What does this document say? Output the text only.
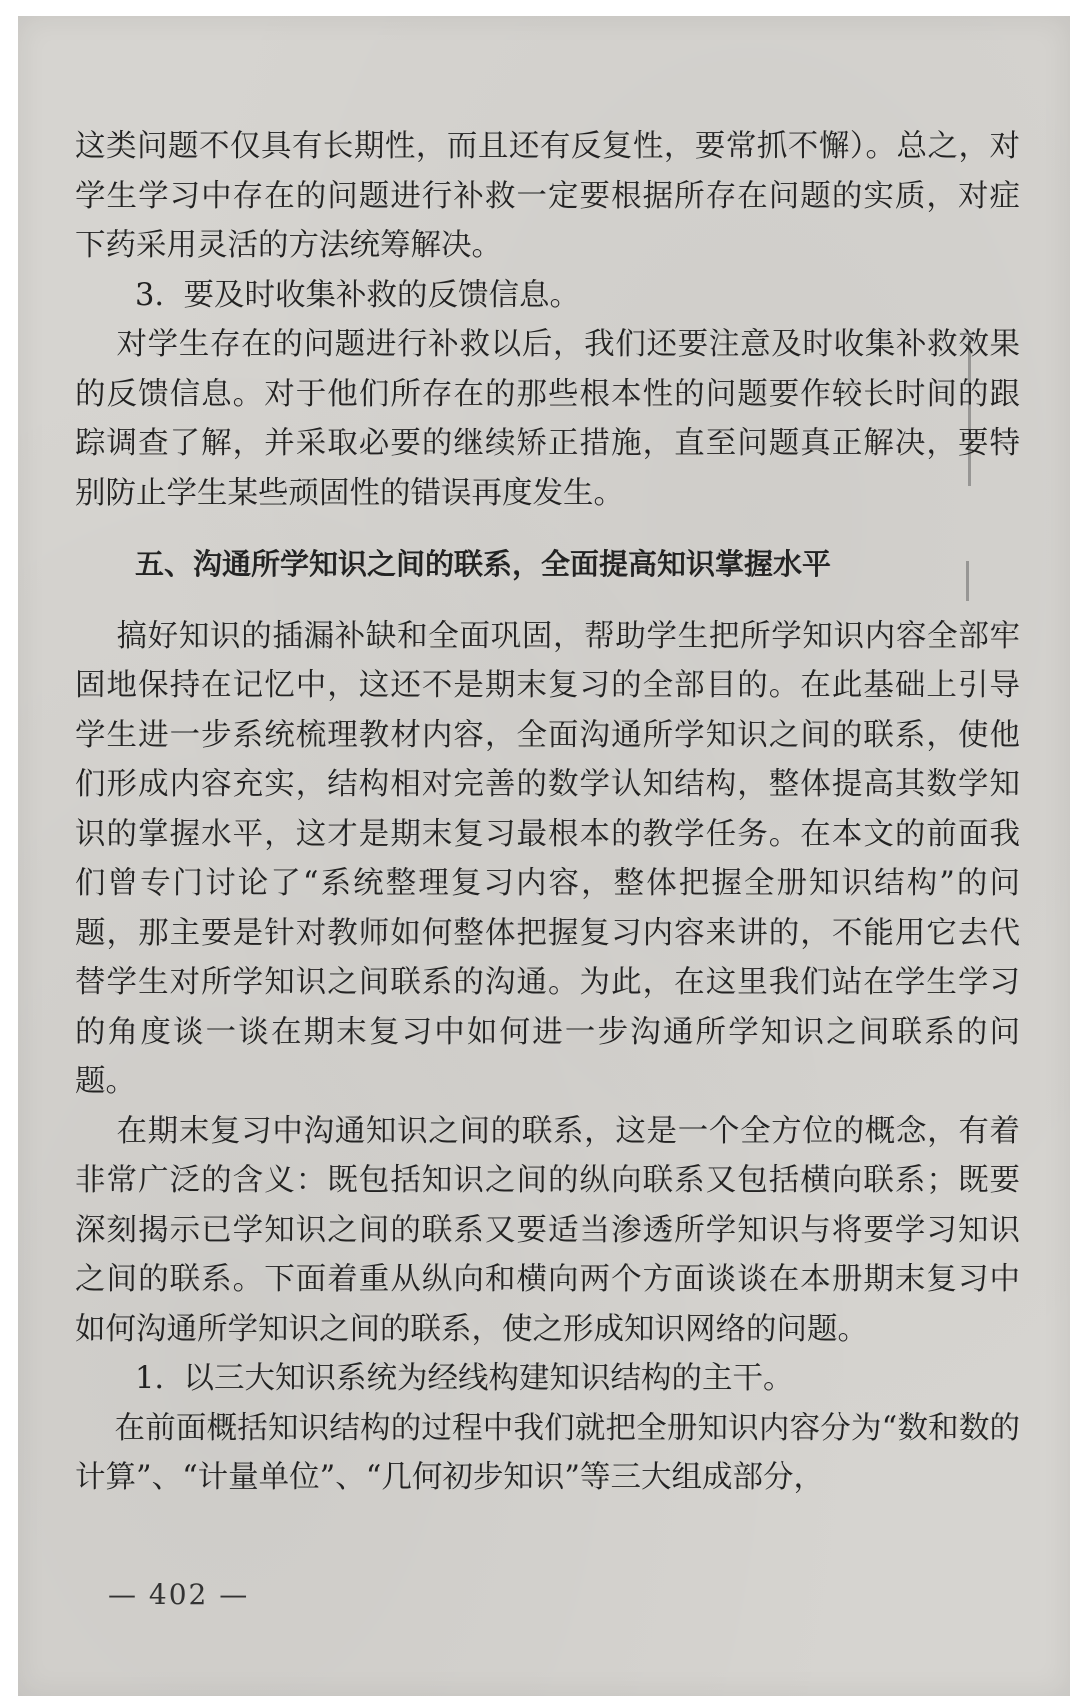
这类问题不仅具有长期性，而且还有反复性，要常抓不懈）。总之，对学生学习中存在的问题进行补救一定要根据所存在问题的实质，对症下药采用灵活的方法统筹解决。

3.  要及时收集补救的反馈信息。

对学生存在的问题进行补救以后，我们还要注意及时收集补救效果的反馈信息。对于他们所存在的那些根本性的问题要作较长时间的跟踪调查了解，并采取必要的继续矫正措施，直至问题真正解决，要特别防止学生某些顽固性的错误再度发生。

五、沟通所学知识之间的联系，全面提高知识掌握水平

搞好知识的插漏补缺和全面巩固，帮助学生把所学知识内容全部牢固地保持在记忆中，这还不是期末复习的全部目的。在此基础上引导学生进一步系统梳理教材内容，全面沟通所学知识之间的联系，使他们形成内容充实，结构相对完善的数学认知结构，整体提高其数学知识的掌握水平，这才是期末复习最根本的教学任务。在本文的前面我们曾专门讨论了“系统整理复习内容，整体把握全册知识结构”的问题，那主要是针对教师如何整体把握复习内容来讲的，不能用它去代替学生对所学知识之间联系的沟通。为此，在这里我们站在学生学习的角度谈一谈在期末复习中如何进一步沟通所学知识之间联系的问题。

在期末复习中沟通知识之间的联系，这是一个全方位的概念，有着非常广泛的含义：既包括知识之间的纵向联系又包括横向联系；既要深刻揭示已学知识之间的联系又要适当渗透所学知识与将要学习知识之间的联系。下面着重从纵向和横向两个方面谈谈在本册期末复习中如何沟通所学知识之间的联系，使之形成知识网络的问题。

1.  以三大知识系统为经线构建知识结构的主干。

在前面概括知识结构的过程中我们就把全册知识内容分为“数和数的计算”、“计量单位”、“几何初步知识”等三大组成部分，

— 402 —
